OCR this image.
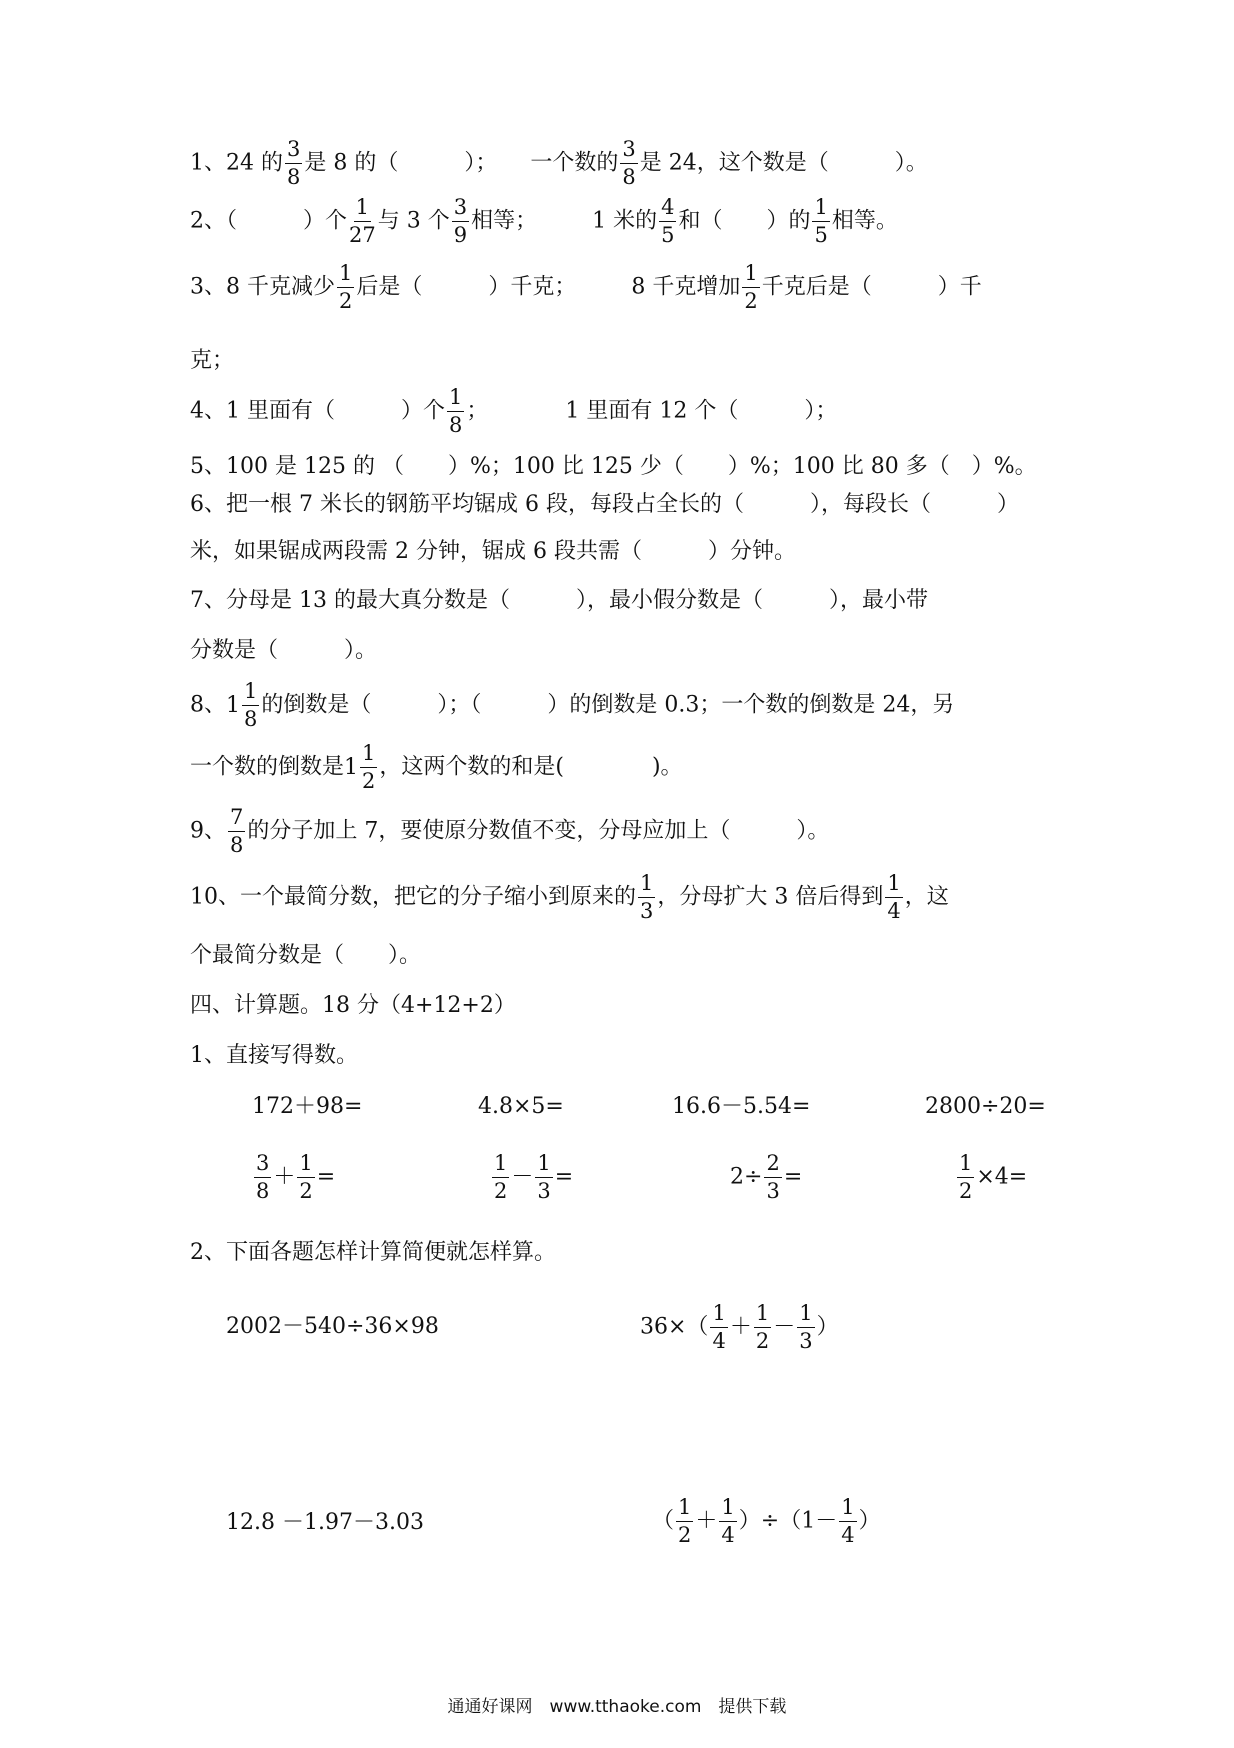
1、24 的 $\frac{3}{8}$ 是 8 的（　　　）；　　一个数的 $\frac{3}{8}$ 是 24，这个数是（　　　）。
2、（　　　）个 $\frac{1}{27}$ 与 3 个 $\frac{3}{9}$ 相等；　　　1 米的 $\frac{4}{5}$ 和（　　）的 $\frac{1}{5}$ 相等。
3、8 千克减少 $\frac{1}{2}$ 后是（　　　）千克；　　　8 千克增加 $\frac{1}{2}$ 千克后是（　　　）千
克；
4、1 里面有（　　　）个 $\frac{1}{8}$ ；　　　　1 里面有 12 个（　　　）；
5、100 是 125 的 （　　）%；100 比 125 少（　　）%；100 比 80 多（　）%。
6、把一根 7 米长的钢筋平均锯成 6 段，每段占全长的（　　　），每段长（　　　）
米，如果锯成两段需 2 分钟，锯成 6 段共需（　　　）分钟。
7、分母是 13 的最大真分数是（　　　），最小假分数是（　　　），最小带
分数是（　　　）。
8、 1
1
8
的倒数是（　　　）；（　　　）的倒数是 0.3；一个数的倒数是 24，另
一个数的倒数是 1
1
2
，这两个数的和是(　　　　)。
9、 $\frac{7}{8}$ 的分子加上 7，要使原分数值不变，分母应加上（　　　）。
10、一个最简分数，把它的分子缩小到原来的 $\frac{1}{3}$ ，分母扩大 3 倍后得到 $\frac{1}{4}$ ，这
个最简分数是（　　）。
四、计算题。18 分（4+12+2）
1、直接写得数。
172＋98=	4.8×5=	16.6－5.54=	2800÷20=
$\frac{3}{8} + \frac{1}{2}$ =	$\frac{1}{2} - \frac{1}{3}$ =	$2\div \frac{2}{3}$ =	$\frac{1}{2} \times 4=$
2、下面各题怎样计算简便就怎样算。
2002－540÷36×98	$36\times( \frac{1}{4} + \frac{1}{2} - \frac{1}{3}$ ）
12.8 －1.97－3.03	（ $\frac{1}{2} + \frac{1}{4} )\div(1- \frac{1}{4}$ ）
通通好课网　www.tthaoke.com　提供下载
